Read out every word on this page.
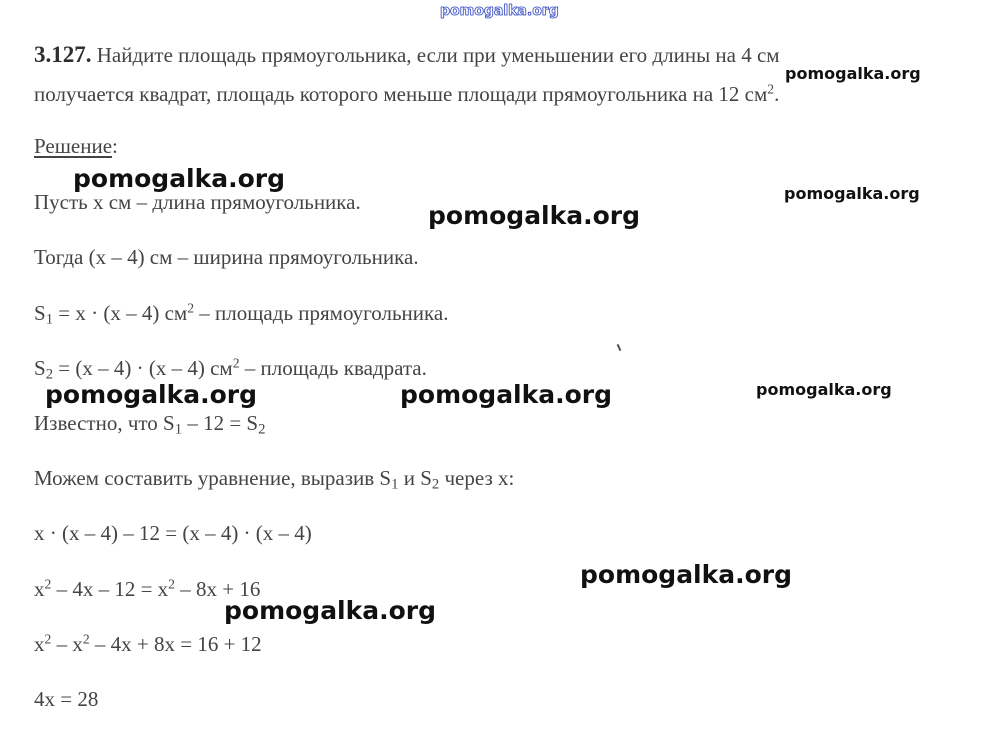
pomogalka.org
3.127. Найдите площадь прямоугольника, если при уменьшении его длины на 4 см
получается квадрат, площадь которого меньше площади прямоугольника на 12 $см^2$.
Решение:
Пусть x см – длина прямоугольника.
Тогда (x – 4) см – ширина прямоугольника.
$S_1 = x \cdot (x - 4)$ $см^2$ – площадь прямоугольника.
$S_2 = (x - 4) \cdot (x - 4)$ $см^2$ – площадь квадрата.
Известно, что $S_1 - 12 = S_2$
Можем составить уравнение, выразив $S_1$ и $S_2$ через x:
x · (x – 4) – 12 = (x – 4) · (x – 4)
$x^2 - 4x - 12 = x^2 - 8x + 16$
$x^2 - x^2 - 4x + 8x = 16 + 12$
4x = 28
pomogalka.org
pomogalka.org
pomogalka.org
pomogalka.org
pomogalka.org	pomogalka.org	pomogalka.org
pomogalka.org
pomogalka.org
